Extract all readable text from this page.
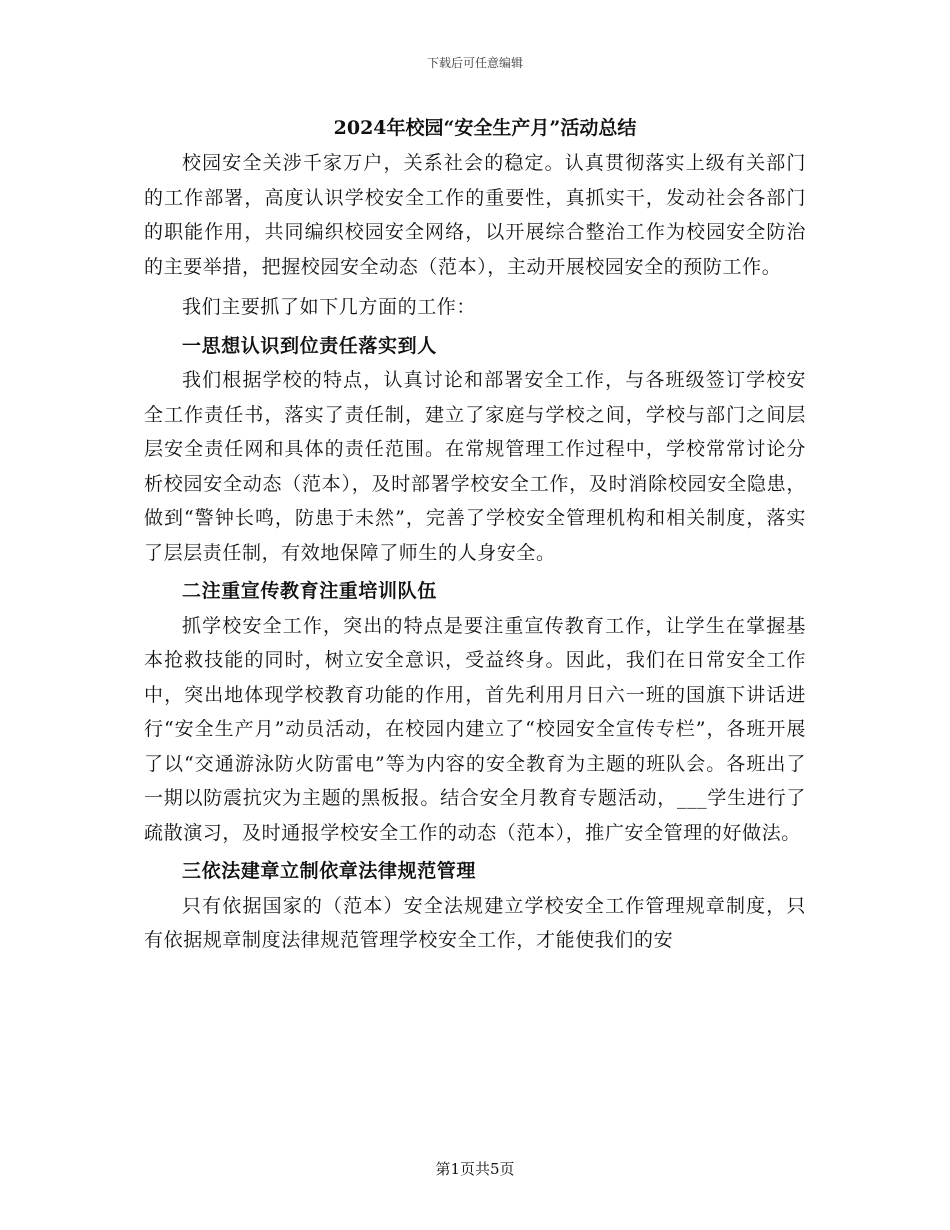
下载后可任意编辑
2024年校园“安全生产月”活动总结

校园安全关涉千家万户，关系社会的稳定。认真贯彻落实上级有关部门的工作部署，高度认识学校安全工作的重要性，真抓实干，发动社会各部门的职能作用，共同编织校园安全网络，以开展综合整治工作为校园安全防治的主要举措，把握校园安全动态（范本），主动开展校园安全的预防工作。

我们主要抓了如下几方面的工作：

一思想认识到位责任落实到人

我们根据学校的特点，认真讨论和部署安全工作，与各班级签订学校安全工作责任书，落实了责任制，建立了家庭与学校之间，学校与部门之间层层安全责任网和具体的责任范围。在常规管理工作过程中，学校常常讨论分析校园安全动态（范本），及时部署学校安全工作，及时消除校园安全隐患，做到“警钟长鸣，防患于未然”，完善了学校安全管理机构和相关制度，落实了层层责任制，有效地保障了师生的人身安全。

二注重宣传教育注重培训队伍

抓学校安全工作，突出的特点是要注重宣传教育工作，让学生在掌握基本抢救技能的同时，树立安全意识，受益终身。因此，我们在日常安全工作中，突出地体现学校教育功能的作用，首先利用月日六一班的国旗下讲话进行“安全生产月”动员活动，在校园内建立了“校园安全宣传专栏”，各班开展了以“交通游泳防火防雷电”等为内容的安全教育为主题的班队会。各班出了一期以防震抗灾为主题的黑板报。结合安全月教育专题活动，___学生进行了疏散演习，及时通报学校安全工作的动态（范本），推广安全管理的好做法。

三依法建章立制依章法律规范管理

只有依据国家的（范本）安全法规建立学校安全工作管理规章制度，只有依据规章制度法律规范管理学校安全工作，才能使我们的安

第1页共5页
